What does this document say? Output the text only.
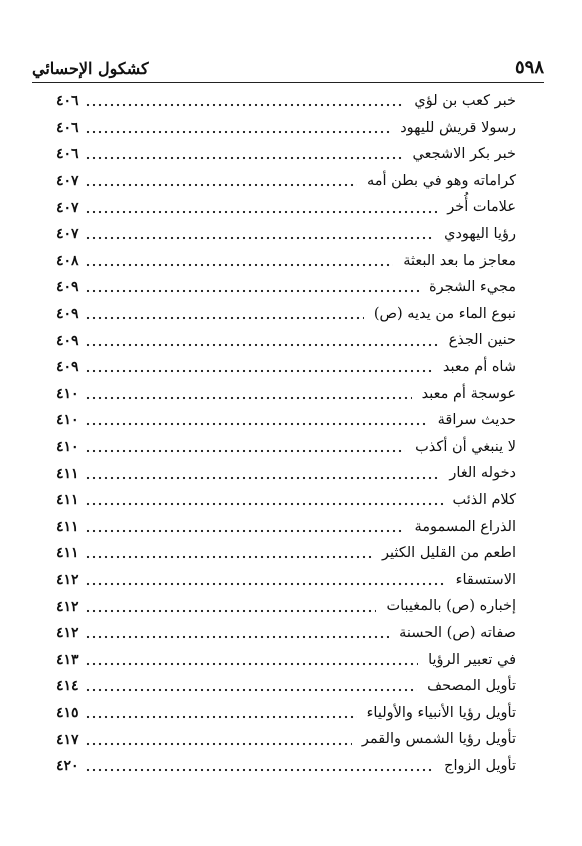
٥٩٨
كشكول الإحسائي
خبر كعب بن لؤي
٤٠٦
رسولا قريش لليهود
٤٠٦
خبر بكر الاشجعي
٤٠٦
كراماته وهو في بطن أمه
٤٠٧
علامات أُخر
٤٠٧
رؤيا اليهودي
٤٠٧
معاجز ما بعد البعثة
٤٠٨
مجيء الشجرة
٤٠٩
نبوع الماء من يديه (ص)
٤٠٩
حنين الجذع
٤٠٩
شاه أم معبد
٤٠٩
عوسجة أم معبد
٤١٠
حديث سراقة
٤١٠
لا ينبغي أن أكذب
٤١٠
دخوله الغار
٤١١
كلام الذئب
٤١١
الذراع المسمومة
٤١١
اطعم من القليل الكثير
٤١١
الاستسقاء
٤١٢
إخباره (ص) بالمغيبات
٤١٢
صفاته (ص) الحسنة
٤١٢
في تعبير الرؤيا
٤١٣
تأويل المصحف
٤١٤
تأويل رؤيا الأنبياء والأولياء
٤١٥
تأويل رؤيا الشمس والقمر
٤١٧
تأويل الزواج
٤٢٠
